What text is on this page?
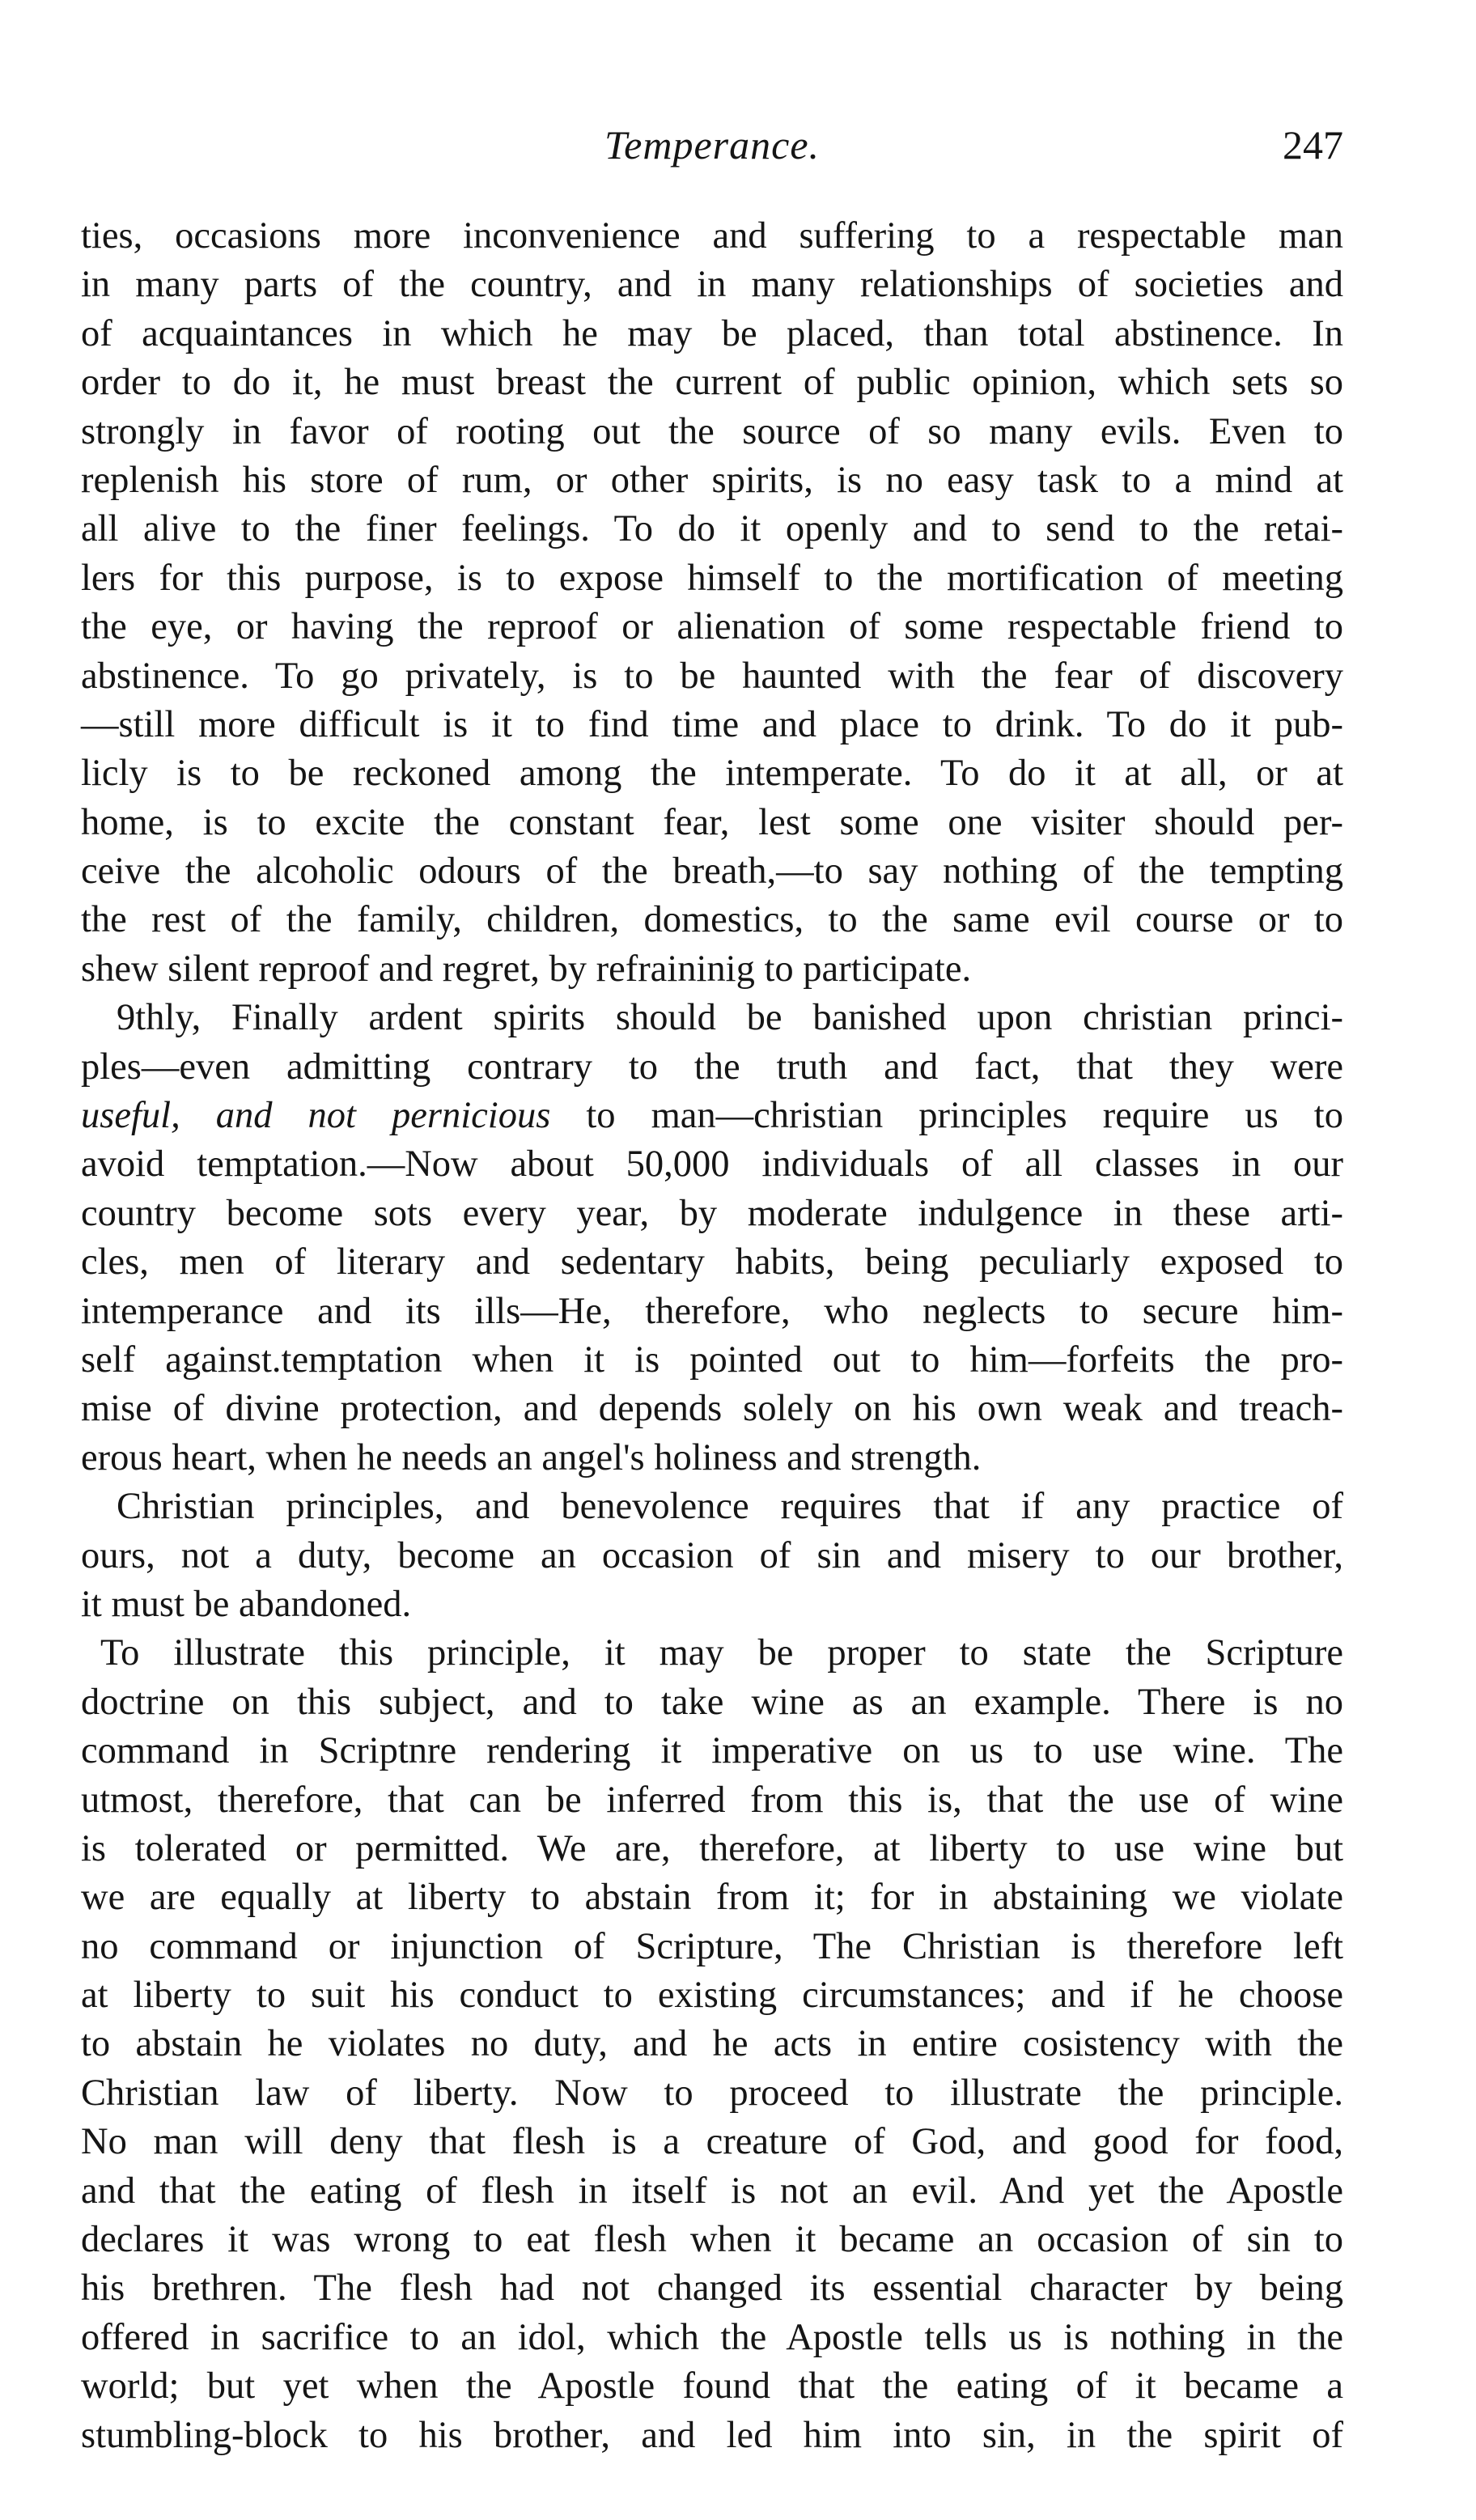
Temperance.	247
ties, occasions more inconvenience and suffering to a respectable man
in many parts of the country, and in many relationships of societies and
of acquaintances in which he may be placed, than total abstinence. In
order to do it, he must breast the current of public opinion, which sets so
strongly in favor of rooting out the source of so many evils. Even to
replenish his store of rum, or other spirits, is no easy task to a mind at
all alive to the finer feelings. To do it openly and to send to the retai-
lers for this purpose, is to expose himself to the mortification of meeting
the eye, or having the reproof or alienation of some respectable friend to
abstinence. To go privately, is to be haunted with the fear of discovery
—still more difficult is it to find time and place to drink. To do it pub-
licly is to be reckoned among the intemperate. To do it at all, or at
home, is to excite the constant fear, lest some one visiter should per-
ceive the alcoholic odours of the breath,—to say nothing of the tempting
the rest of the family, children, domestics, to the same evil course or to
shew silent reproof and regret, by refraininig to participate.
9thly, Finally ardent spirits should be banished upon christian princi-
ples—even admitting contrary to the truth and fact, that they were
useful, and not pernicious to man—christian principles require us to
avoid temptation.—Now about 50,000 individuals of all classes in our
country become sots every year, by moderate indulgence in these arti-
cles, men of literary and sedentary habits, being peculiarly exposed to
intemperance and its ills—He, therefore, who neglects to secure him-
self against.temptation when it is pointed out to him—forfeits the pro-
mise of divine protection, and depends solely on his own weak and treach-
erous heart, when he needs an angel's holiness and strength.
Christian principles, and benevolence requires that if any practice of
ours, not a duty, become an occasion of sin and misery to our brother,
it must be abandoned.
To illustrate this principle, it may be proper to state the Scripture
doctrine on this subject, and to take wine as an example. There is no
command in Scriptnre rendering it imperative on us to use wine. The
utmost, therefore, that can be inferred from this is, that the use of wine
is tolerated or permitted. We are, therefore, at liberty to use wine but
we are equally at liberty to abstain from it; for in abstaining we violate
no command or injunction of Scripture, The Christian is therefore left
at liberty to suit his conduct to existing circumstances; and if he choose
to abstain he violates no duty, and he acts in entire cosistency with the
Christian law of liberty. Now to proceed to illustrate the principle.
No man will deny that flesh is a creature of God, and good for food,
and that the eating of flesh in itself is not an evil. And yet the Apostle
declares it was wrong to eat flesh when it became an occasion of sin to
his brethren. The flesh had not changed its essential character by being
offered in sacrifice to an idol, which the Apostle tells us is nothing in the
world; but yet when the Apostle found that the eating of it became a
stumbling-block to his brother, and led him into sin, in the spirit of
